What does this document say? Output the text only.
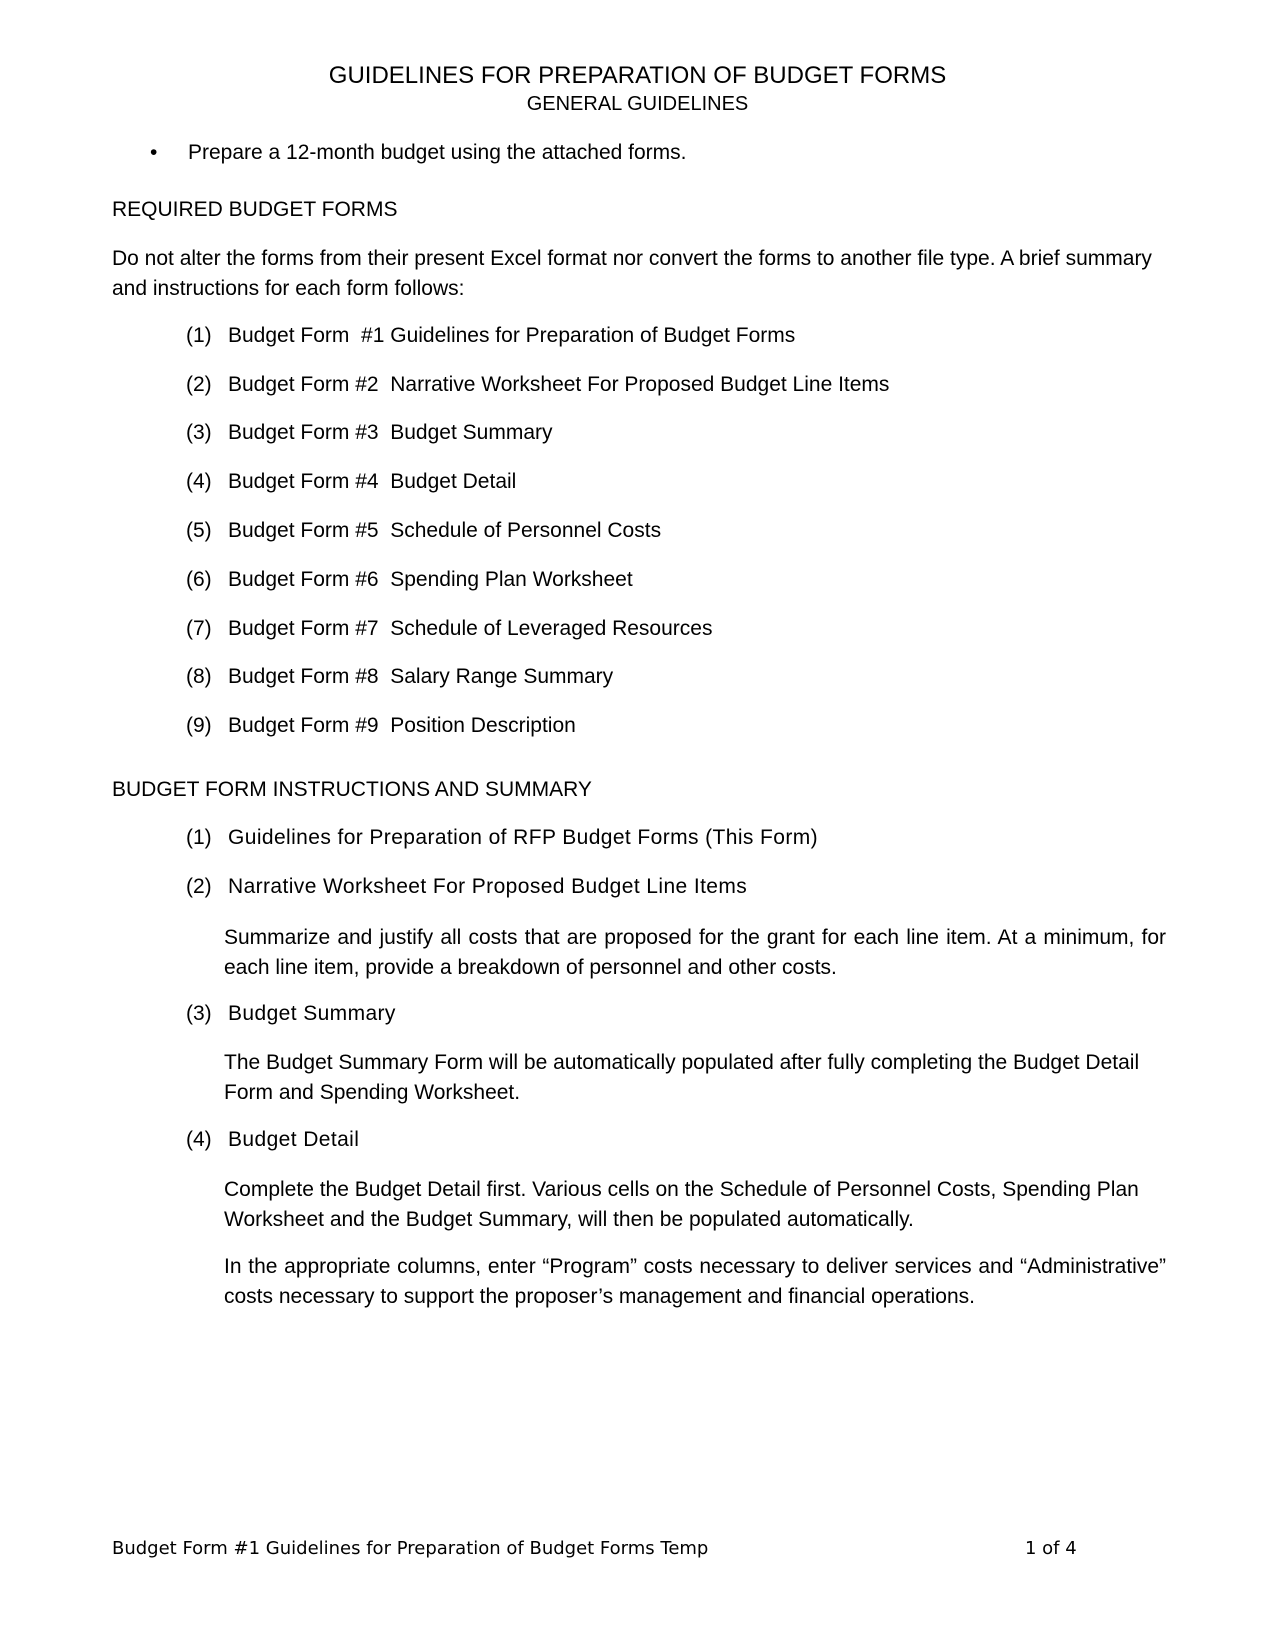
GUIDELINES FOR PREPARATION OF BUDGET FORMS
GENERAL GUIDELINES
• Prepare a 12-month budget using the attached forms.
REQUIRED BUDGET FORMS
Do not alter the forms from their present Excel format nor convert the forms to another file type. A brief summary and instructions for each form follows:
(1) Budget Form  #1 Guidelines for Preparation of Budget Forms
(2) Budget Form #2  Narrative Worksheet For Proposed Budget Line Items
(3) Budget Form #3  Budget Summary
(4) Budget Form #4  Budget Detail
(5) Budget Form #5  Schedule of Personnel Costs
(6) Budget Form #6  Spending Plan Worksheet
(7) Budget Form #7  Schedule of Leveraged Resources
(8) Budget Form #8  Salary Range Summary
(9) Budget Form #9  Position Description
BUDGET FORM INSTRUCTIONS AND SUMMARY
(1) Guidelines for Preparation of RFP Budget Forms (This Form)
(2) Narrative Worksheet For Proposed Budget Line Items
Summarize and justify all costs that are proposed for the grant for each line item. At a minimum, for each line item, provide a breakdown of personnel and other costs.
(3) Budget Summary
The Budget Summary Form will be automatically populated after fully completing the Budget Detail Form and Spending Worksheet.
(4) Budget Detail
Complete the Budget Detail first. Various cells on the Schedule of Personnel Costs, Spending Plan Worksheet and the Budget Summary, will then be populated automatically.
In the appropriate columns, enter “Program” costs necessary to deliver services and “Administrative” costs necessary to support the proposer’s management and financial operations.
Budget Form #1 Guidelines for Preparation of Budget Forms Temp	1 of 4
